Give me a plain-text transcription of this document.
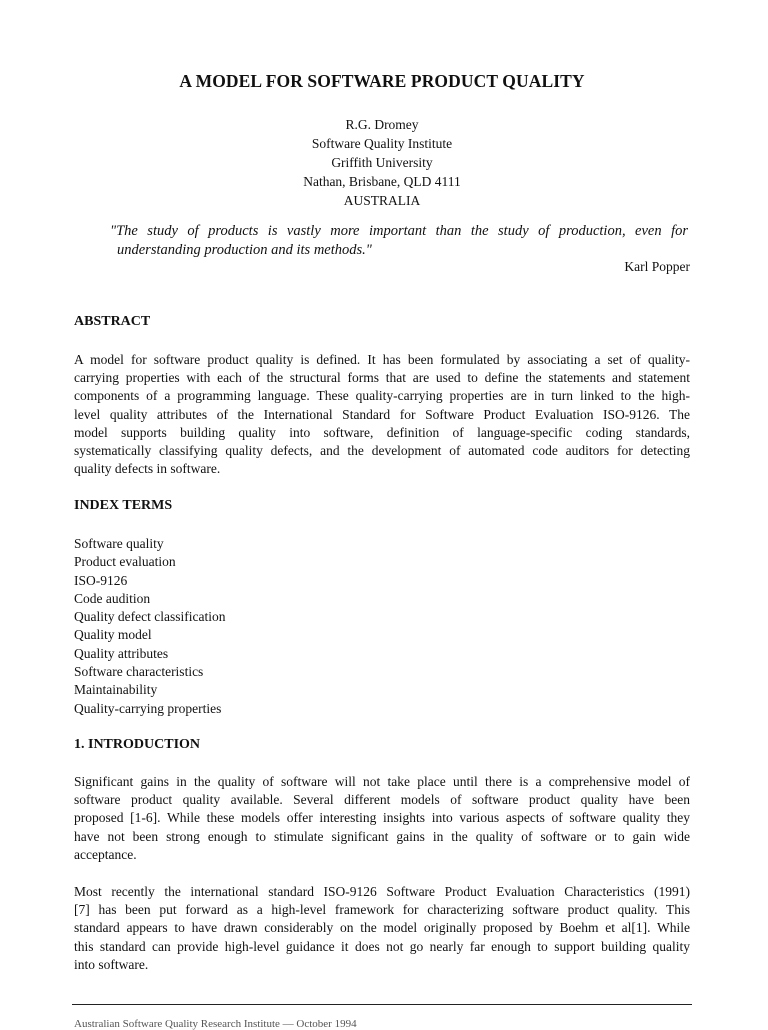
A MODEL FOR SOFTWARE PRODUCT QUALITY
R.G. Dromey
Software Quality Institute
Griffith University
Nathan, Brisbane, QLD 4111
AUSTRALIA
"The study of products is vastly more important than the study of production, even for
understanding production and its methods."
Karl Popper
ABSTRACT
A model for software product quality is defined. It has been formulated by associating a set of quality-
carrying properties with each of the structural forms that are used to define the statements and statement
components of a programming language. These quality-carrying properties are in turn linked to the high-
level quality attributes of the International Standard for Software Product Evaluation ISO-9126. The
model supports building quality into software, definition of language-specific coding standards,
systematically classifying quality defects, and the development of automated code auditors for detecting
quality defects in software.
INDEX TERMS
Software quality
Product evaluation
ISO-9126
Code audition
Quality defect classification
Quality model
Quality attributes
Software characteristics
Maintainability
Quality-carrying properties
1. INTRODUCTION
Significant gains in the quality of software will not take place until there is a comprehensive model of
software product quality available. Several different models of software product quality have been
proposed [1-6]. While these models offer interesting insights into various aspects of software quality they
have not been strong enough to stimulate significant gains in the quality of software or to gain wide
acceptance.
Most recently the international standard ISO-9126 Software Product Evaluation Characteristics (1991)
[7] has been put forward as a high-level framework for characterizing software product quality. This
standard appears to have drawn considerably on the model originally proposed by Boehm et al[1]. While
this standard can provide high-level guidance it does not go nearly far enough to support building quality
into software.
Australian Software Quality Research Institute — October 1994
